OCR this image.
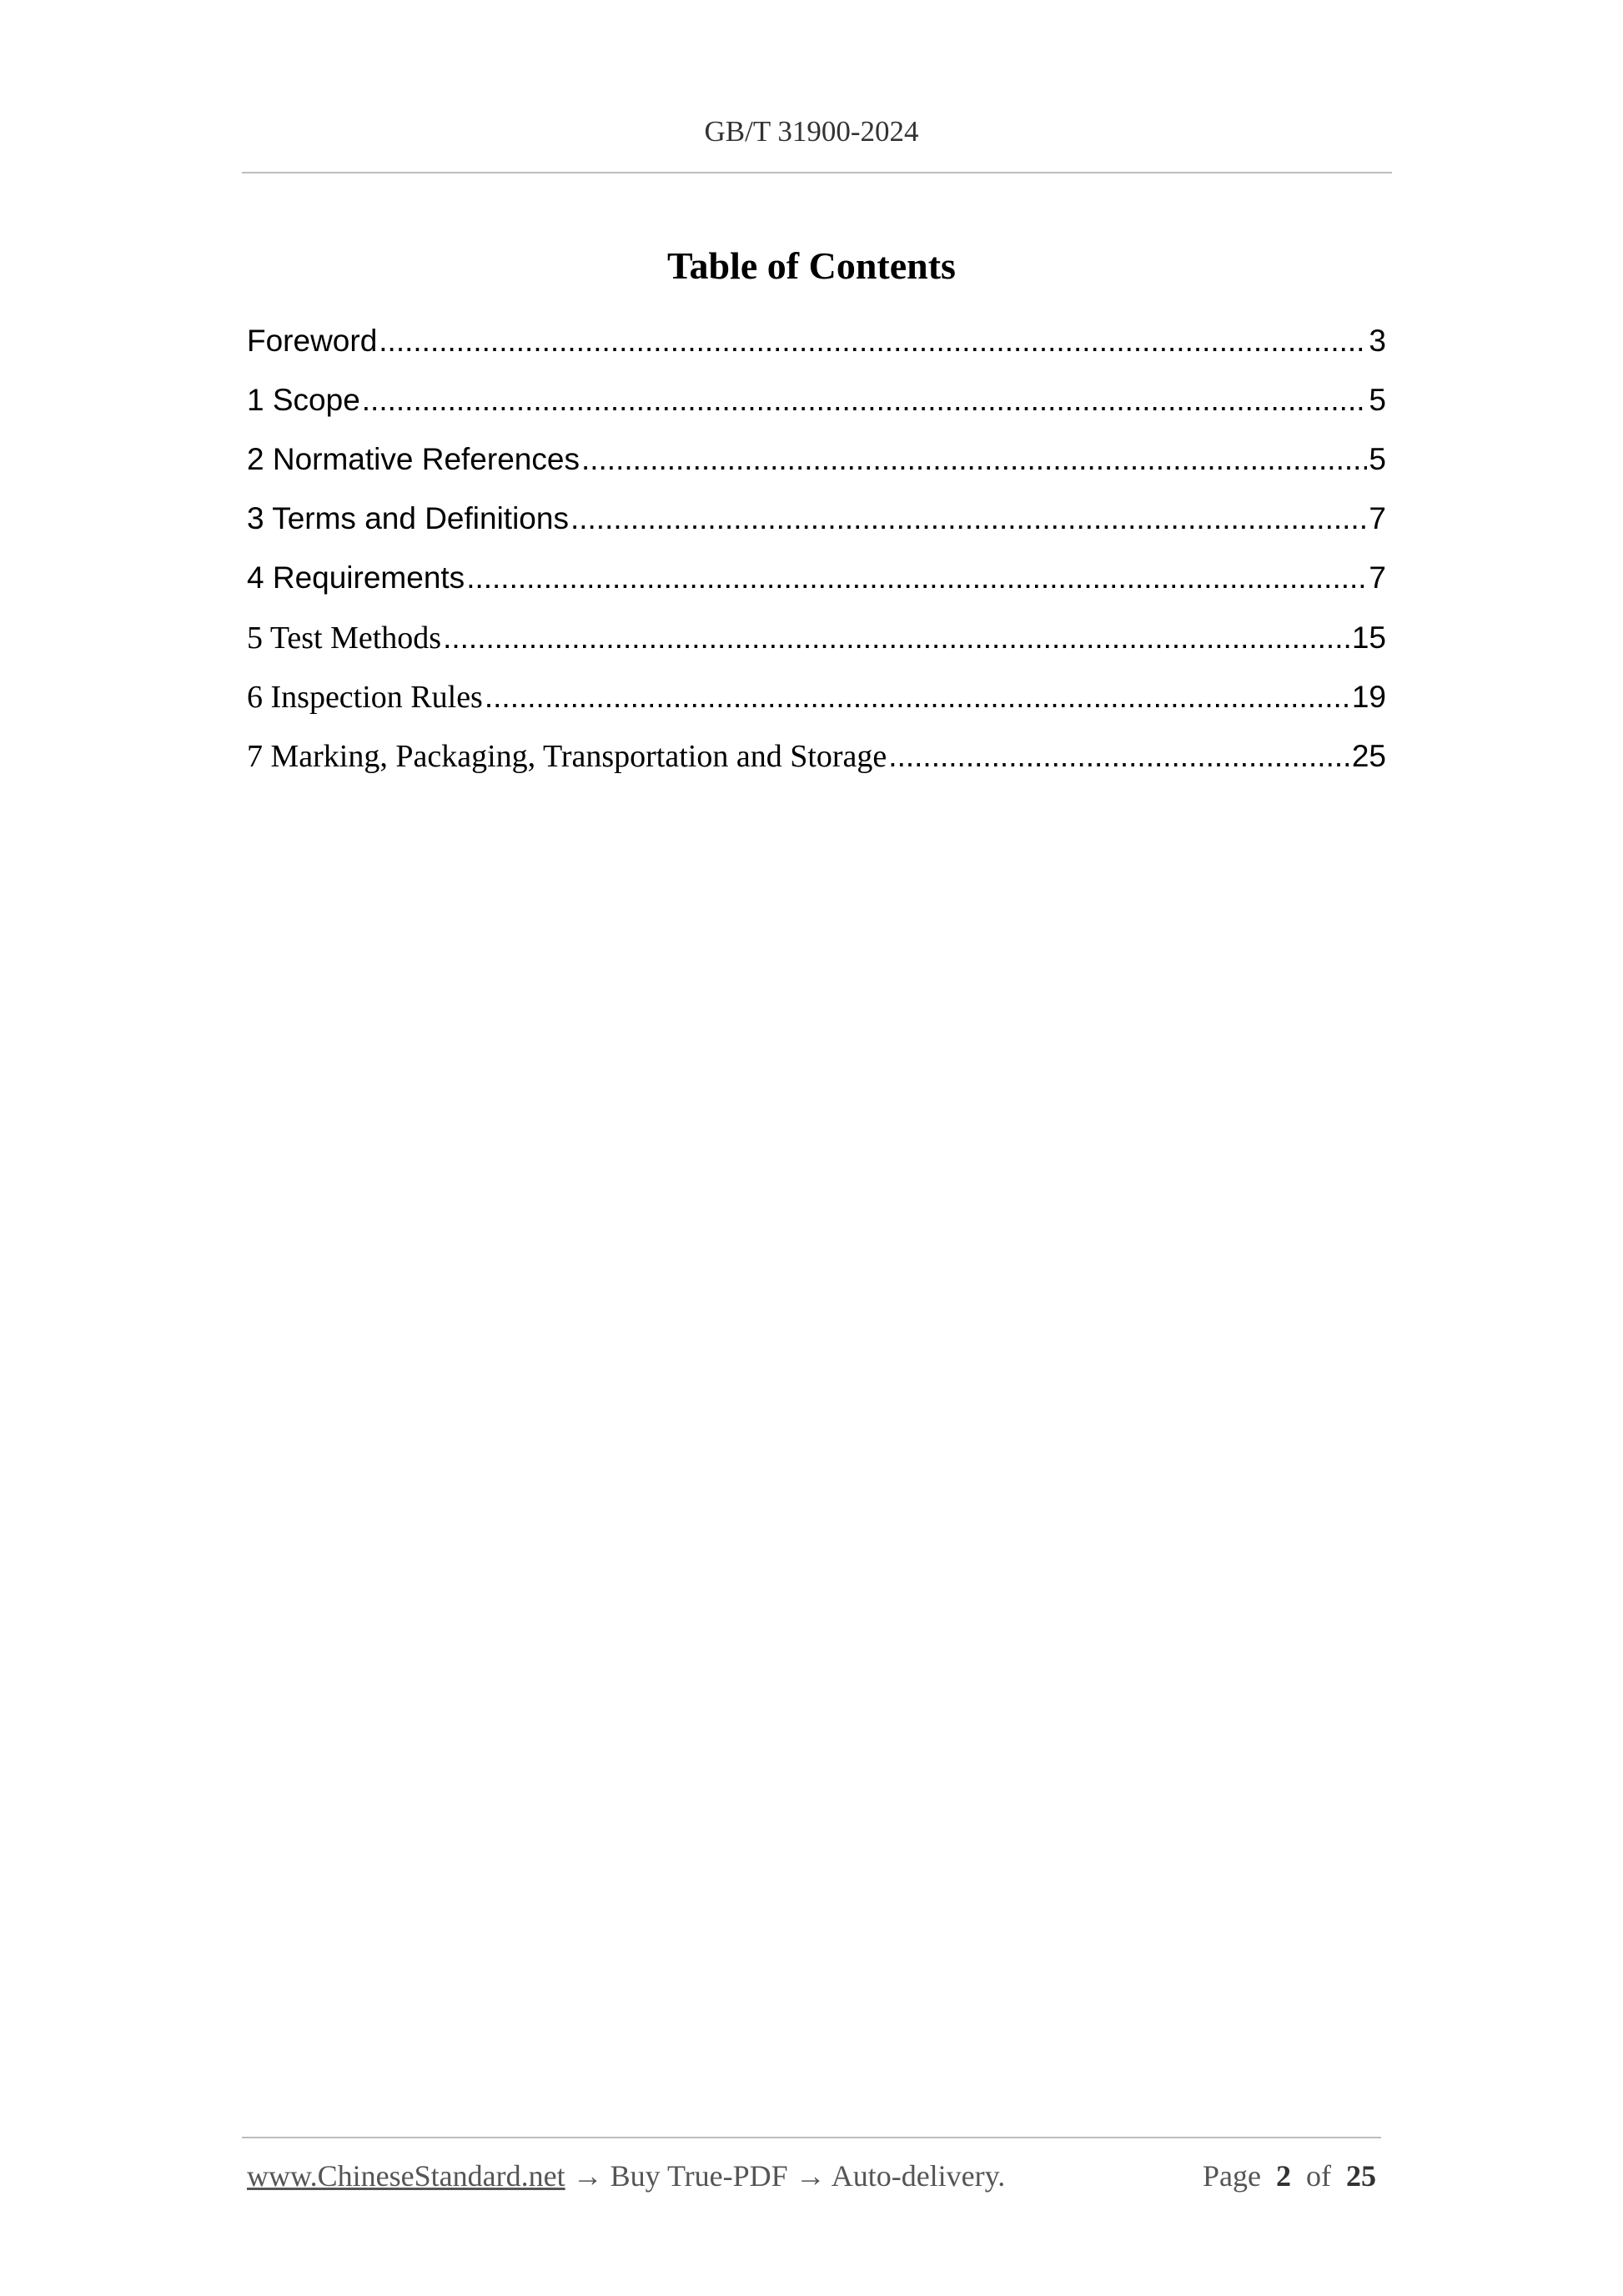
GB/T 31900-2024
Table of Contents
Foreword .....	3
1 Scope .....	5
2 Normative References .....	5
3 Terms and Definitions .....	7
4 Requirements .....	7
5 Test Methods .....	15
6 Inspection Rules .....	19
7 Marking, Packaging, Transportation and Storage .....	25
www.ChineseStandard.net → Buy True-PDF → Auto-delivery.	Page 2 of 25
